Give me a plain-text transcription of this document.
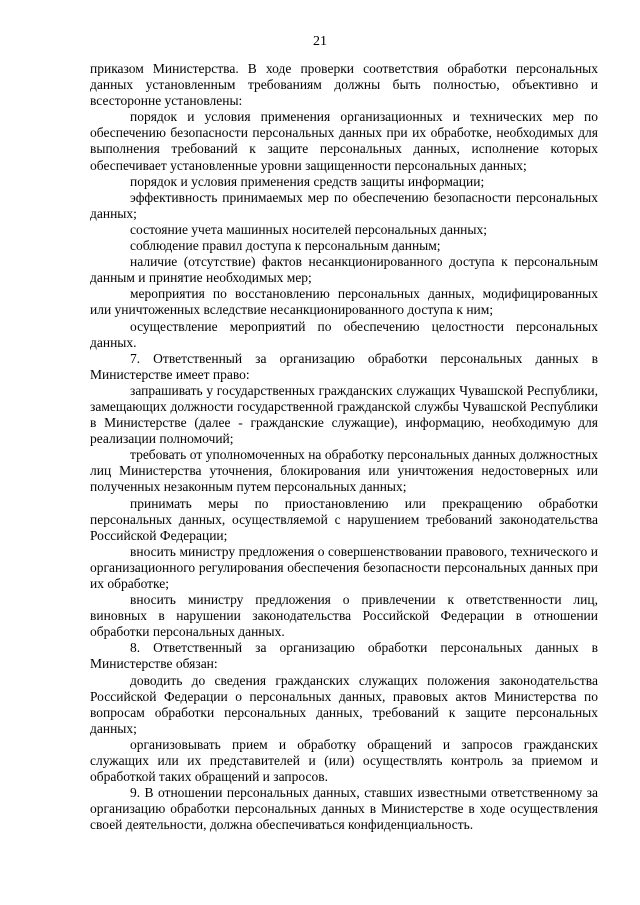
21

приказом Министерства. В ходе проверки соответствия обработки персональных данных установленным требованиям должны быть полностью, объективно и всесторонне установлены:

порядок и условия применения организационных и технических мер по обеспечению безопасности персональных данных при их обработке, необходимых для выполнения требований к защите персональных данных, исполнение которых обеспечивает установленные уровни защищенности персональных данных;

порядок и условия применения средств защиты информации;

эффективность принимаемых мер по обеспечению безопасности персональных данных;

состояние учета машинных носителей персональных данных;

соблюдение правил доступа к персональным данным;

наличие (отсутствие) фактов несанкционированного доступа к персональным данным и принятие необходимых мер;

мероприятия по восстановлению персональных данных, модифицированных или уничтоженных вследствие несанкционированного доступа к ним;

осуществление мероприятий по обеспечению целостности персональных данных.

7. Ответственный за организацию обработки персональных данных в Министерстве имеет право:

запрашивать у государственных гражданских служащих Чувашской Республики, замещающих должности государственной гражданской службы Чувашской Республики в Министерстве (далее - гражданские служащие), информацию, необходимую для реализации полномочий;

требовать от уполномоченных на обработку персональных данных должностных лиц Министерства уточнения, блокирования или уничтожения недостоверных или полученных незаконным путем персональных данных;

принимать меры по приостановлению или прекращению обработки персональных данных, осуществляемой с нарушением требований законодательства Российской Федерации;

вносить министру предложения о совершенствовании правового, технического и организационного регулирования обеспечения безопасности персональных данных при их обработке;

вносить министру предложения о привлечении к ответственности лиц, виновных в нарушении законодательства Российской Федерации в отношении обработки персональных данных.

8. Ответственный за организацию обработки персональных данных в Министерстве обязан:

доводить до сведения гражданских служащих положения законодательства Российской Федерации о персональных данных, правовых актов Министерства по вопросам обработки персональных данных, требований к защите персональных данных;

организовывать прием и обработку обращений и запросов гражданских служащих или их представителей и (или) осуществлять контроль за приемом и обработкой таких обращений и запросов.

9. В отношении персональных данных, ставших известными ответственному за организацию обработки персональных данных в Министерстве в ходе осуществления своей деятельности, должна обеспечиваться конфиденциальность.
